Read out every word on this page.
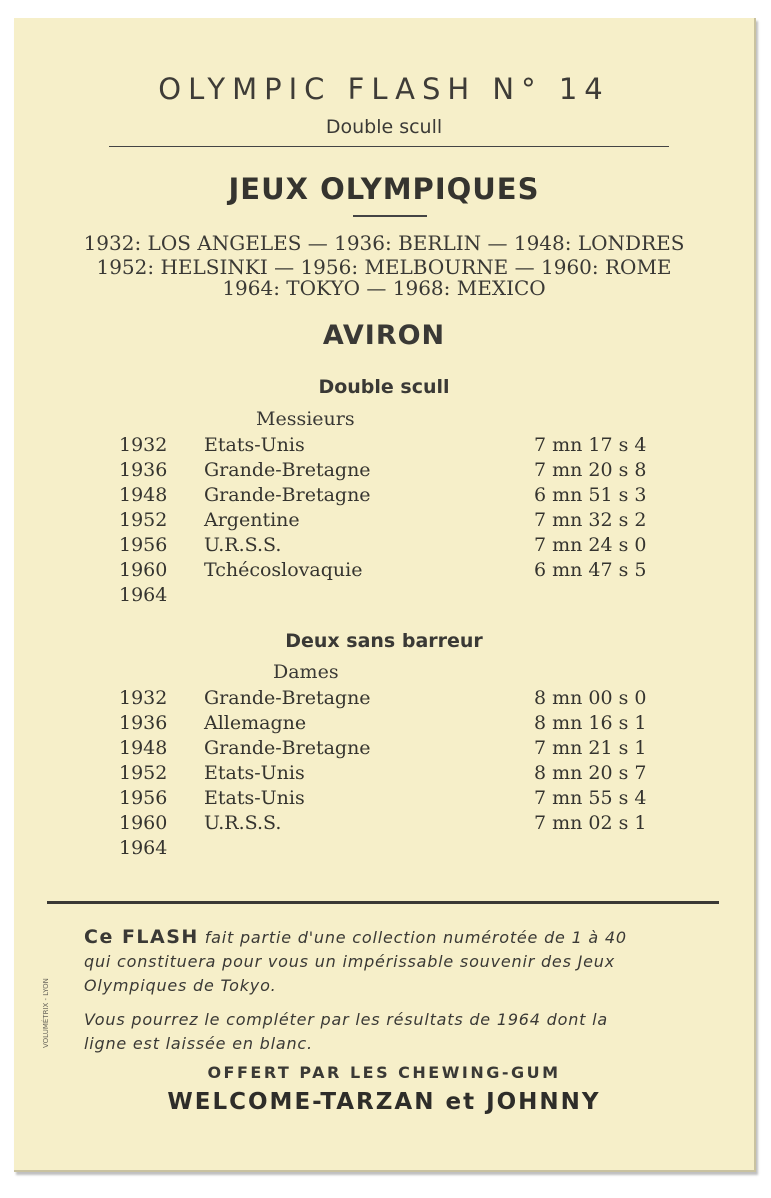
OLYMPIC FLASH N° 14
Double scull
JEUX OLYMPIQUES
1932: LOS ANGELES — 1936: BERLIN — 1948: LONDRES
1952: HELSINKI — 1956: MELBOURNE — 1960: ROME
1964: TOKYO — 1968: MEXICO
AVIRON
Double scull
Messieurs
1932 Etats-Unis	7 mn 17 s 4
1936 Grande-Bretagne	7 mn 20 s 8
1948 Grande-Bretagne	6 mn 51 s 3
1952 Argentine	7 mn 32 s 2
1956 U.R.S.S.	7 mn 24 s 0
1960 Tchécoslovaquie	6 mn 47 s 5
1964
Deux sans barreur
Dames
1932 Grande-Bretagne	8 mn 00 s 0
1936 Allemagne	8 mn 16 s 1
1948 Grande-Bretagne	7 mn 21 s 1
1952 Etats-Unis	8 mn 20 s 7
1956 Etats-Unis	7 mn 55 s 4
1960 U.R.S.S.	7 mn 02 s 1
1964
Ce FLASH fait partie d'une collection numérotée de 1 à 40
qui constituera pour vous un impérissable souvenir des Jeux
Olympiques de Tokyo.
Vous pourrez le compléter par les résultats de 1964 dont la
ligne est laissée en blanc.
OFFERT PAR LES CHEWING-GUM
WELCOME-TARZAN et JOHNNY
VOLUMÉTRIX - LYON
